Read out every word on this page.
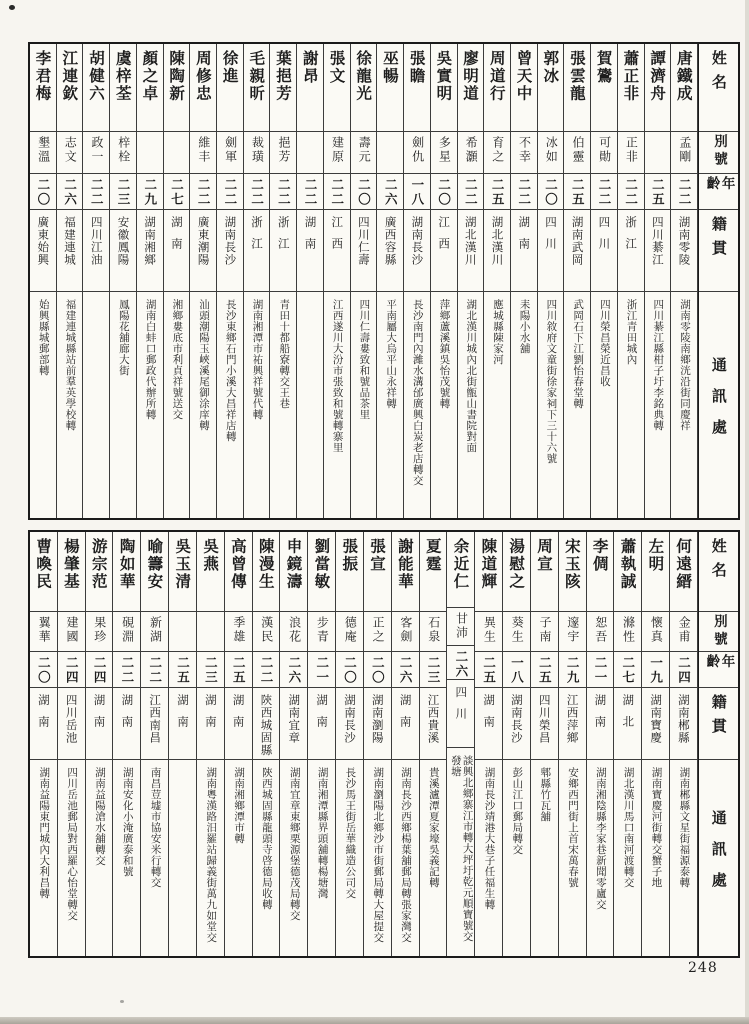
李君梅
墾溫
二〇
廣東始興
始興縣城郵部轉
江連欽
志文
二六
福建連城
福建連城縣站前羣英學校轉
胡健六
政一
二二
四川江油
虞梓荃
梓栓
二三
安徽鳳陽
鳳陽花舖廊大街
顏之卓
二九
湖南湘鄉
湖南白蚌口郵政代辦所轉
陳陶新
二七
湖南
湘鄉婁底市利貞祥號送交
周修忠
維丰
二二
廣東潮陽
汕頭潮陽玉峽溪尾御涂庠轉
徐進
劍軍
二二
湖南長沙
長沙東鄉石門小溪大昌祥店轉
毛親昕
裁璜
二二
浙江
湖南湘潭市祐興祥號代轉
葉挹芳
挹芳
二二
浙江
青田十都船寮轉交王巷
謝昂
二二
湖南
張文
建原
二二
江西
江西遂川大汾市張致和號轉寨里
徐龍光
壽元
二〇
四川仁壽
四川仁壽婁致和號品茶里
巫暢
二六
廣西容縣
平南屬大烏平山永祥轉
張瞻
劍仇
一八
湖南長沙
長沙南門內濰水溝邰廣興白炭老店轉交
吳實明
多星
二〇
江西
萍鄉蘆溪鎮吳怡茂號轉
廖明道
希灝
二二
湖北漢川
湖北漢川城內北街甑山書院對面
周道行
育之
二五
湖北漢川
應城縣陳家河
曾天中
不幸
二二
湖南
耒陽小水舖
郭冰
冰如
二〇
四川
四川敘府文童街徐家祠下三十六號
張雲龍
伯靈
二五
湖南武岡
武岡石下江劉怡春堂轉
賀鷟
可勛
二二
四川
四川榮昌榮近昌收
蕭正非
正非
二二
浙江
浙江青田城內
譚濟舟
二五
四川綦江
四川綦江縣柑子圩李銘典轉
唐鐵成
孟剛
二二
湖南零陵
湖南零陵南鄉洸沿街同慶祥
姓名
別號
年齡
籍貫
通訊處
曹喚民
翼華
二〇
湖南
湖南益陽東門城內大利昌轉
楊肇基
建國
二四
四川岳池
四川岳池郵局對西羅心怡堂轉交
游宗范
果珍
二四
湖南
湖南益陽滄水舖轉交
陶如華
硯淵
二二
湖南
湖南安化小淹廣泰和號
喻籌安
新湖
二二
江西南昌
南昌荳墟市協安米行轉交
吳玉清
二五
湖南
吳燕
二三
湖南
湖南粵漢路汨羅站歸義街萬九如堂交
高曾傳
季雄
二五
湖南
湖南湘鄉潭市轉
陳漫生
漢民
二二
陝西城固縣
陝西城固縣龍頭寺啓德局收轉
申鏡濤
浪花
二六
湖南宜章
湖南宜章東鄉栗源堡德茂局轉交
劉當敏
步青
二一
湖南
湖南湘潭縣界頭舖轉楊塘灣
張振
德庵
二〇
湖南長沙
長沙馬王街岳華織造公司交
張宣
正之
二〇
湖南瀏陽
湖南瀏陽北鄉沙市街郵局轉大屋提交
謝能華
客劍
二六
湖南
湖南長沙西鄉楊葉舖郵局轉張家灣交
夏霆
石泉
二三
江西貴溪
貴溪瀘潭夏家壕吳義記轉
余近仁
甘沛
二六
四川
談興北鄉寨江市轉大坪圩乾元順寶號交發塘
陳道輝
異生
二五
湖南
湖南長沙靖港大巷子任福生轉
湯慰之
葵生
一八
湖南長沙
彭山江口郵局轉交
周宣
子南
二五
四川榮昌
郫縣竹瓦舖
宋玉陔
邃宇
二九
江西萍鄉
安鄉西門街上首宋萬春號
李倜
恕吾
二一
湖南
湖南湘陰縣李家巷新聞零廬交
蕭執誠
滌性
二七
湖北
湖北漢川馬口南河渡轉交
左明
懷真
一九
湖南寶慶
湖南寶慶河街轉交蟹子地
何遠縉
金甫
二四
湖南郴縣
湖南郴縣文星街福源泰轉
姓名
別號
年齡
籍貫
通訊處
248
